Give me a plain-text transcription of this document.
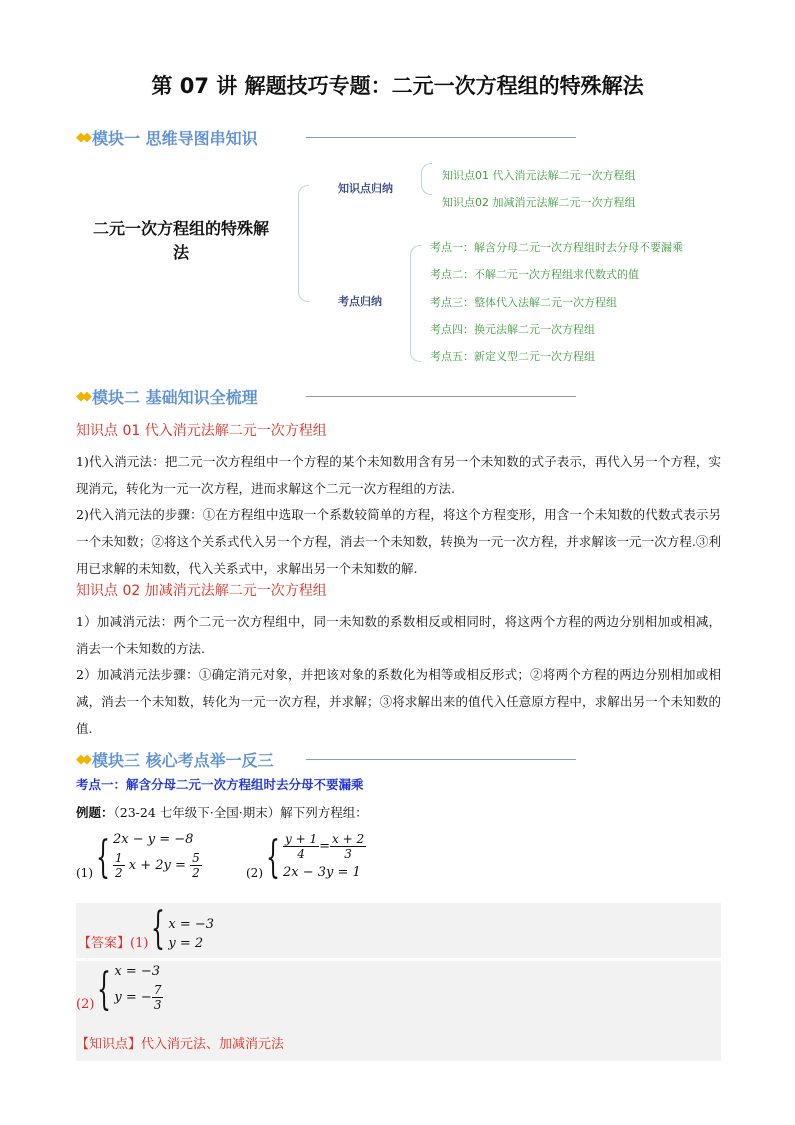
第 07 讲 解题技巧专题：二元一次方程组的特殊解法
◆◆ 模块一 思维导图串知识
二元一次方程组的特殊解法
知识点归纳
考点归纳
知识点01 代入消元法解二元一次方程组
知识点02 加减消元法解二元一次方程组
考点一：解含分母二元一次方程组时去分母不要漏乘
考点二：不解二元一次方程组求代数式的值
考点三：整体代入法解二元一次方程组
考点四：换元法解二元一次方程组
考点五：新定义型二元一次方程组
◆◆ 模块二 基础知识全梳理
知识点 01 代入消元法解二元一次方程组
1)代入消元法：把二元一次方程组中一个方程的某个未知数用含有另一个未知数的式子表示，再代入另一个方程，实现消元，转化为一元一次方程，进而求解这个二元一次方程组的方法.
2)代入消元法的步骤：①在方程组中选取一个系数较简单的方程，将这个方程变形，用含一个未知数的代数式表示另一个未知数；②将这个关系式代入另一个方程，消去一个未知数，转换为一元一次方程，并求解该一元一次方程.③利用已求解的未知数，代入关系式中，求解出另一个未知数的解.
知识点 02 加减消元法解二元一次方程组
1）加减消元法：两个二元一次方程组中，同一未知数的系数相反或相同时，将这两个方程的两边分别相加或相减，消去一个未知数的方法.
2）加减消元法步骤：①确定消元对象，并把该对象的系数化为相等或相反形式；②将两个方程的两边分别相加或相减，消去一个未知数，转化为一元一次方程，并求解；③将求解出来的值代入任意原方程中，求解出另一个未知数的值.
◆◆ 模块三 核心考点举一反三
考点一：解含分母二元一次方程组时去分母不要漏乘
例题：（23-24 七年级下·全国·期末）解下列方程组：
(1) { 2x − y = −8
$\frac{1}{2}$ $x + 2y = \frac{5}{2}$	(2) { $\frac{y + 1}{4} = \frac{x + 2}{3}$
2x − 3y = 1
【答案】(1) { x = −3
y = 2
(2) { x = −3
y = − $\frac{7}{3}$
【知识点】代入消元法、加减消元法
